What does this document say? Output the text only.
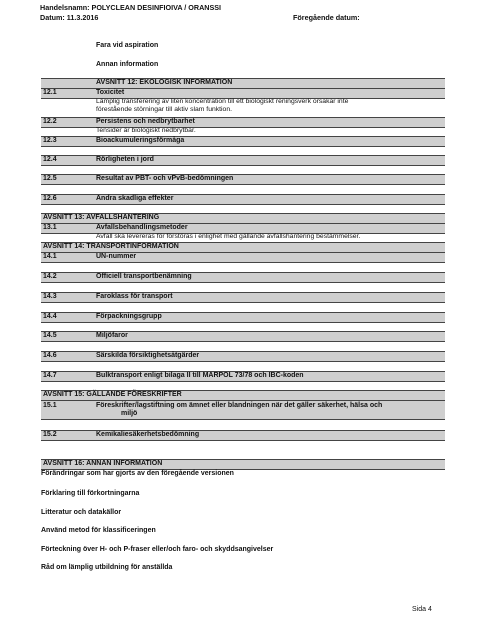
Handelsnamn: POLYCLEAN DESINFIOIVA / ORANSSI
Datum: 11.3.2016	Föregående datum:
Fara vid aspiration
Annan information
AVSNITT 12: EKOLOGISK INFORMATION
12.1	Toxicitet
Lämplig transferering av liten koncentration till ett biologiskt reningsverk orsakar inte
förestående störningar till aktiv slam funktion.
12.2	Persistens och nedbrytbarhet
Tensider är biologiskt nedbrytbar.
12.3	Bioackumuleringsförmåga
12.4	Rörligheten i jord
12.5	Resultat av PBT- och vPvB-bedömningen
12.6	Andra skadliga effekter
AVSNITT 13: AVFALLSHANTERING
13.1	Avfallsbehandlingsmetoder
Avfall ska levereras för förstöras i enlighet med gällande avfallshantering bestämmelser.
AVSNITT 14: TRANSPORTINFORMATION
14.1	UN-nummer
14.2	Officiell transportbenämning
14.3	Faroklass för transport
14.4	Förpackningsgrupp
14.5	Miljöfaror
14.6	Särskilda försiktighetsåtgärder
14.7	Bulktransport enligt bilaga II till MARPOL 73/78 och IBC-koden
AVSNITT 15: GÄLLANDE FÖRESKRIFTER
15.1	Föreskrifter/lagstiftning om ämnet eller blandningen när det gäller säkerhet, hälsa och
miljö
15.2	Kemikaliesäkerhetsbedömning
AVSNITT 16: ANNAN INFORMATION
Förändringar som har gjorts av den föregående versionen
Förklaring till förkortningarna
Litteratur och datakällor
Använd metod för klassificeringen
Förteckning över H- och P-fraser eller/och faro- och skyddsangivelser
Råd om lämplig utbildning för anställda
Sida 4
